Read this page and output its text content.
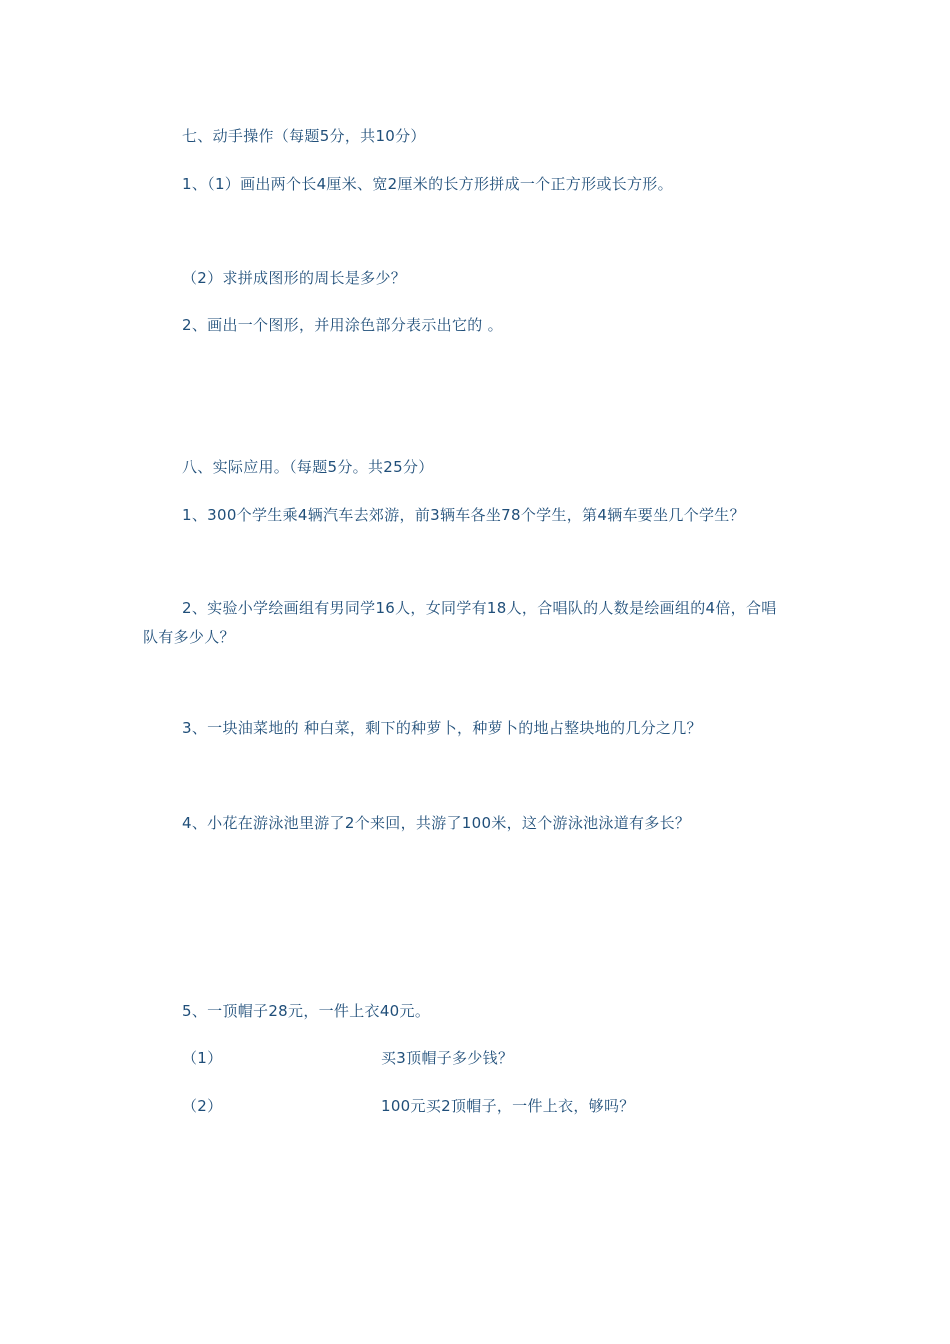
七、动手操作（每题5分，共10分）
1、（1）画出两个长4厘米、宽2厘米的长方形拼成一个正方形或长方形。
（2）求拼成图形的周长是多少？
2、画出一个图形，并用涂色部分表示出它的 。
八、实际应用。（每题5分。共25分）
1、300个学生乘4辆汽车去郊游，前3辆车各坐78个学生，第4辆车要坐几个学生？
2、实验小学绘画组有男同学16人，女同学有18人，合唱队的人数是绘画组的4倍，合唱队有多少人？
3、一块油菜地的 种白菜，剩下的种萝卜，种萝卜的地占整块地的几分之几？
4、小花在游泳池里游了2个来回，共游了100米，这个游泳池泳道有多长？
5、一顶帽子28元，一件上衣40元。
（1）	买3顶帽子多少钱？
（2）	100元买2顶帽子，一件上衣，够吗？
